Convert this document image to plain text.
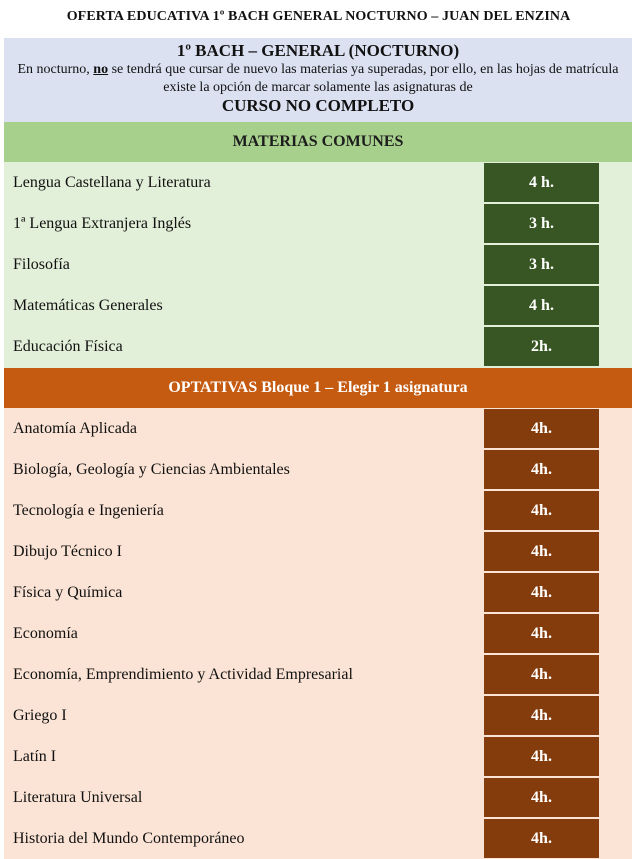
OFERTA EDUCATIVA 1º BACH GENERAL NOCTURNO – JUAN DEL ENZINA
1º BACH – GENERAL (NOCTURNO)
En nocturno, no se tendrá que cursar de nuevo las materias ya superadas, por ello, en las hojas de matrícula existe la opción de marcar solamente las asignaturas de
CURSO NO COMPLETO
MATERIAS COMUNES
Lengua Castellana y Literatura	4 h.
1ª Lengua Extranjera Inglés	3 h.
Filosofía	3 h.
Matemáticas Generales	4 h.
Educación Física	2h.
OPTATIVAS Bloque 1 – Elegir 1 asignatura
Anatomía Aplicada	4h.
Biología, Geología y Ciencias Ambientales	4h.
Tecnología e Ingeniería	4h.
Dibujo Técnico I	4h.
Física y Química	4h.
Economía	4h.
Economía, Emprendimiento y Actividad Empresarial	4h.
Griego I	4h.
Latín I	4h.
Literatura Universal	4h.
Historia del Mundo Contemporáneo	4h.
